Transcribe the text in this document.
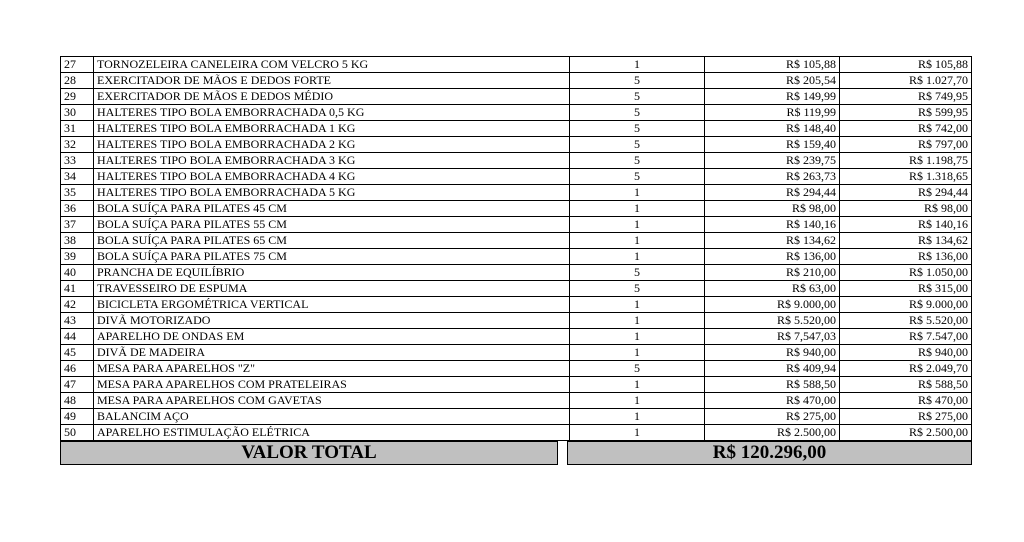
27	TORNOZELEIRA CANELEIRA COM VELCRO 5 KG	1	R$ 105,88	R$ 105,88
28	EXERCITADOR DE MÃOS E DEDOS FORTE	5	R$ 205,54	R$ 1.027,70
29	EXERCITADOR DE MÃOS E DEDOS MÉDIO	5	R$ 149,99	R$ 749,95
30	HALTERES TIPO BOLA EMBORRACHADA 0,5 KG	5	R$ 119,99	R$ 599,95
31	HALTERES TIPO BOLA EMBORRACHADA 1 KG	5	R$ 148,40	R$ 742,00
32	HALTERES TIPO BOLA EMBORRACHADA 2 KG	5	R$ 159,40	R$ 797,00
33	HALTERES TIPO BOLA EMBORRACHADA 3 KG	5	R$ 239,75	R$ 1.198,75
34	HALTERES TIPO BOLA EMBORRACHADA 4 KG	5	R$ 263,73	R$ 1.318,65
35	HALTERES TIPO BOLA EMBORRACHADA 5 KG	1	R$ 294,44	R$ 294,44
36	BOLA SUÍÇA PARA PILATES 45 CM	1	R$ 98,00	R$ 98,00
37	BOLA SUÍÇA PARA PILATES 55 CM	1	R$ 140,16	R$ 140,16
38	BOLA SUÍÇA PARA PILATES 65 CM	1	R$ 134,62	R$ 134,62
39	BOLA SUÍÇA PARA PILATES 75 CM	1	R$ 136,00	R$ 136,00
40	PRANCHA DE EQUILÍBRIO	5	R$ 210,00	R$ 1.050,00
41	TRAVESSEIRO DE ESPUMA	5	R$ 63,00	R$ 315,00
42	BICICLETA ERGOMÉTRICA VERTICAL	1	R$ 9.000,00	R$ 9.000,00
43	DIVÃ MOTORIZADO	1	R$ 5.520,00	R$ 5.520,00
44	APARELHO DE ONDAS EM	1	R$ 7,547,03	R$ 7.547,00
45	DIVÃ DE MADEIRA	1	R$ 940,00	R$ 940,00
46	MESA PARA APARELHOS "Z"	5	R$ 409,94	R$ 2.049,70
47	MESA PARA APARELHOS COM PRATELEIRAS	1	R$ 588,50	R$ 588,50
48	MESA PARA APARELHOS COM GAVETAS	1	R$ 470,00	R$ 470,00
49	BALANCIM AÇO	1	R$ 275,00	R$ 275,00
50	APARELHO ESTIMULAÇÃO ELÉTRICA	1	R$ 2.500,00	R$ 2.500,00
VALOR TOTAL		R$ 120.296,00
